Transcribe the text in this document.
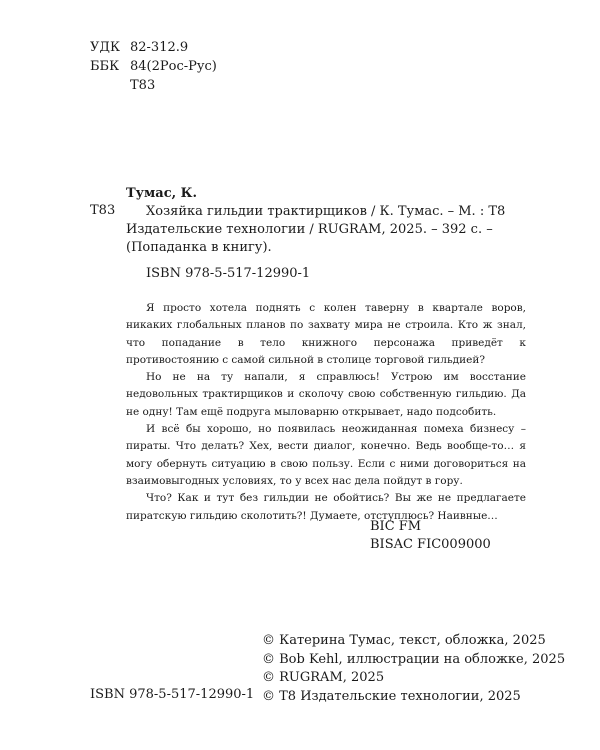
УДК 82-312.9
ББК 84(2Рос-Рус)
Т83
Тумас, К.
Т83	Хозяйка гильдии трактирщиков / К. Тумас. – М. : Т8 Издательские технологии / RUGRAM, 2025. – 392 с. – (Попаданка в книгу).

ISBN 978-5-517-12990-1

Я просто хотела поднять с колен таверну в квартале воров, никаких глобальных планов по захвату мира не строила. Кто ж знал, что попадание в тело книжного персонажа приведёт к противостоянию с самой сильной в столице торговой гильдией?

Но не на ту напали, я справлюсь! Устрою им восстание недовольных трактирщиков и сколочу свою собственную гильдию. Да не одну! Там ещё подруга мыловарню открывает, надо подсобить.

И всё бы хорошо, но появилась неожиданная помеха бизнесу – пираты. Что делать? Хех, вести диалог, конечно. Ведь вообще-то… я могу обернуть ситуацию в свою пользу. Если с ними договориться на взаимовыгодных условиях, то у всех нас дела пойдут в гору.

Что? Как и тут без гильдии не обойтись? Вы же не предлагаете пиратскую гильдию сколотить?! Думаете, отступлюсь? Наивные…

BIC FM
BISAC FIC009000
© Катерина Тумас, текст, обложка, 2025
© Bob Kehl, иллюстрации на обложке, 2025
© RUGRAM, 2025
© Т8 Издательские технологии, 2025
ISBN 978-5-517-12990-1
